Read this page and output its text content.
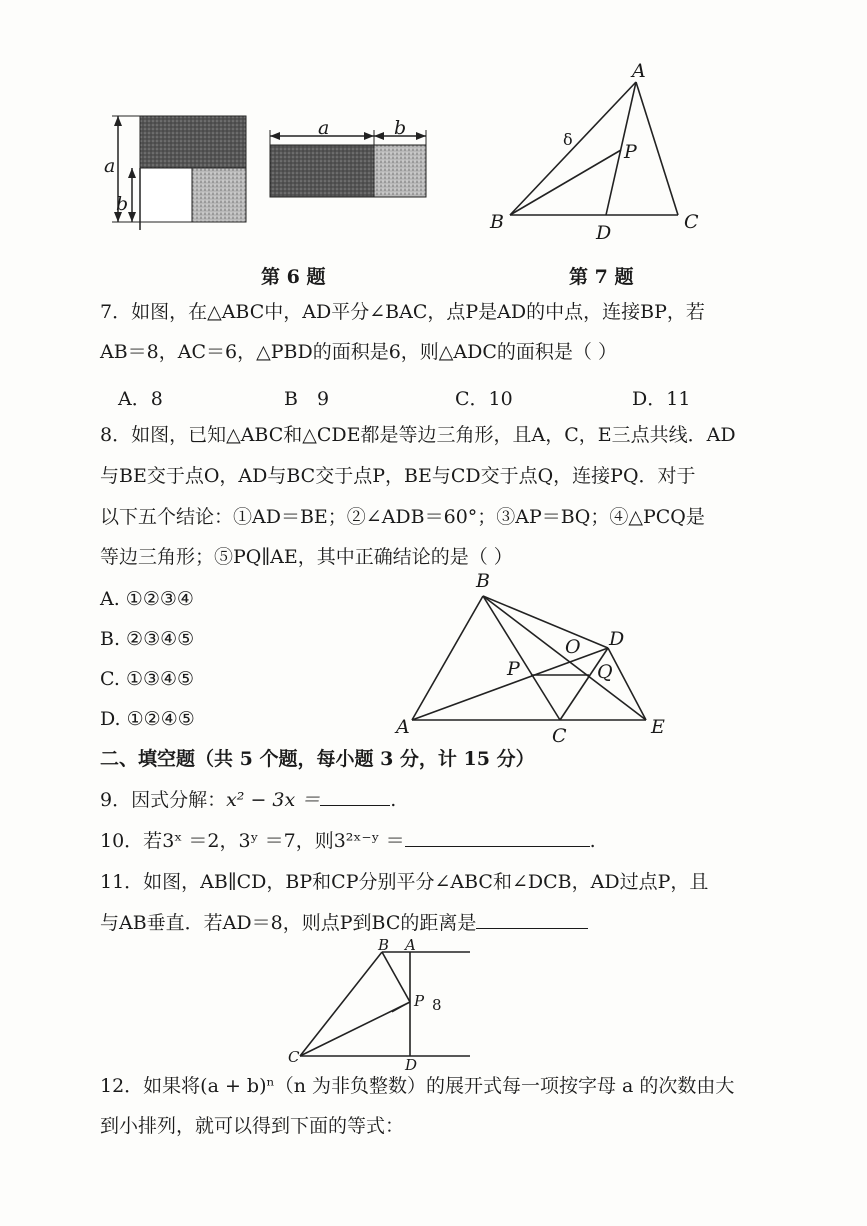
a
b
a	b
A
B	C
D
P
δ
第 6 题	第 7 题
7．如图，在△ABC中，AD平分∠BAC，点P是AD的中点，连接BP，若
AB＝8，AC＝6，△PBD的面积是6，则△ADC的面积是（ ）
A．8	B　9	C．10	D．11
8．如图，已知△ABC和△CDE都是等边三角形，且A，C，E三点共线．AD
与BE交于点O，AD与BC交于点P，BE与CD交于点Q，连接PQ．对于
以下五个结论：①AD＝BE；②∠ADB＝60°；③AP＝BQ；④△PCQ是
等边三角形；⑤PQ∥AE，其中正确结论的是（ ）
A. ①②③④
B. ②③④⑤
C. ①③④⑤
D. ①②④⑤	A
B
C
D
E
O
P	Q
二、填空题（共 5 个题，每小题 3 分，计 15 分）
9．因式分解：x² − 3x ＝	.
10．若3ˣ ＝2，3ʸ ＝7，则3²ˣ⁻ʸ ＝	.
11．如图，AB∥CD，BP和CP分别平分∠ABC和∠DCB，AD过点P，且
与AB垂直．若AD＝8，则点P到BC的距离是
A
B
C	D
P 8
12．如果将(a + b)ⁿ（n 为非负整数）的展开式每一项按字母 a 的次数由大
到小排列，就可以得到下面的等式：
